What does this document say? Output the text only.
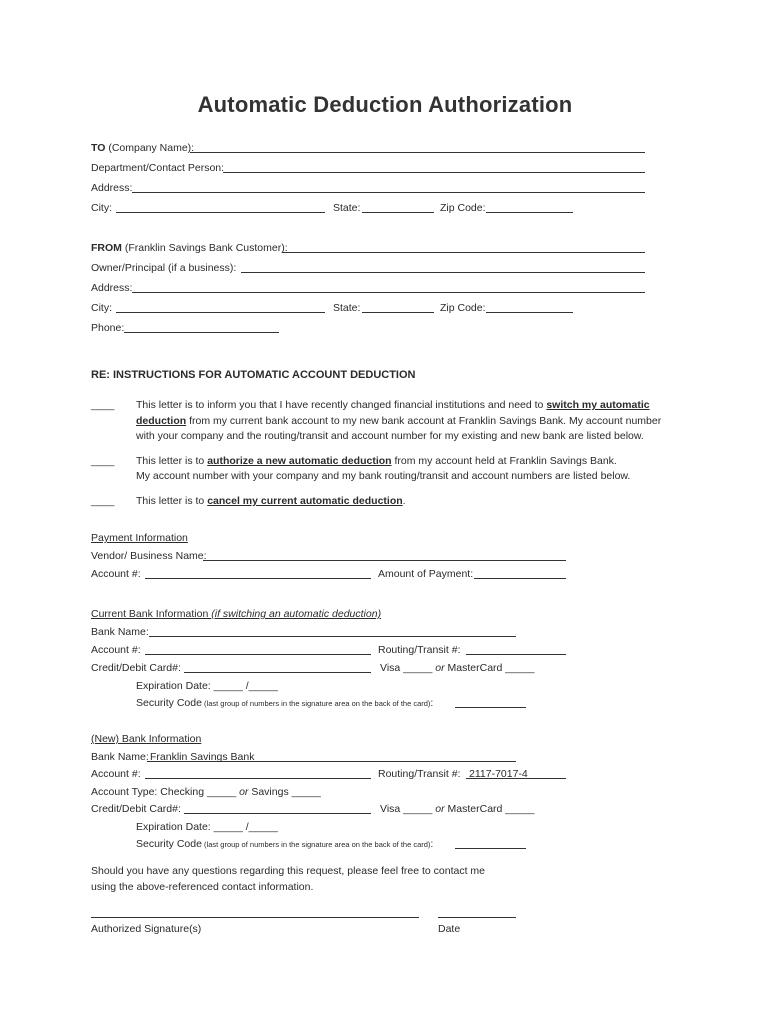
Automatic Deduction Authorization
TO (Company Name):
Department/Contact Person:
Address:
City:	State:	Zip Code:
FROM (Franklin Savings Bank Customer):
Owner/Principal (if a business):
Address:
City:	State:	Zip Code:
Phone:
RE: INSTRUCTIONS FOR AUTOMATIC ACCOUNT DEDUCTION
____ This letter is to inform you that I have recently changed financial institutions and need to switch my automatic
deduction from my current bank account to my new bank account at Franklin Savings Bank. My account number
with your company and the routing/transit and account number for my existing and new bank are listed below.
____ This letter is to authorize a new automatic deduction from my account held at Franklin Savings Bank.
My account number with your company and my bank routing/transit and account numbers are listed below.
____ This letter is to cancel my current automatic deduction.
Payment Information
Vendor/ Business Name:
Account #:	Amount of Payment:
Current Bank Information (if switching an automatic deduction)
Bank Name:
Account #:	Routing/Transit #:
Credit/Debit Card#:	Visa _____ or MasterCard _____
Expiration Date: _____ /_____
Security Code (last group of numbers in the signature area on the back of the card):
(New) Bank Information
Bank Name: Franklin Savings Bank
Account #:	Routing/Transit #: 2117-7017-4
Account Type: Checking _____ or Savings _____
Credit/Debit Card#:	Visa _____ or MasterCard _____
Expiration Date: _____ /_____
Security Code (last group of numbers in the signature area on the back of the card):
Should you have any questions regarding this request, please feel free to contact me
using the above-referenced contact information.
Authorized Signature(s)	Date
